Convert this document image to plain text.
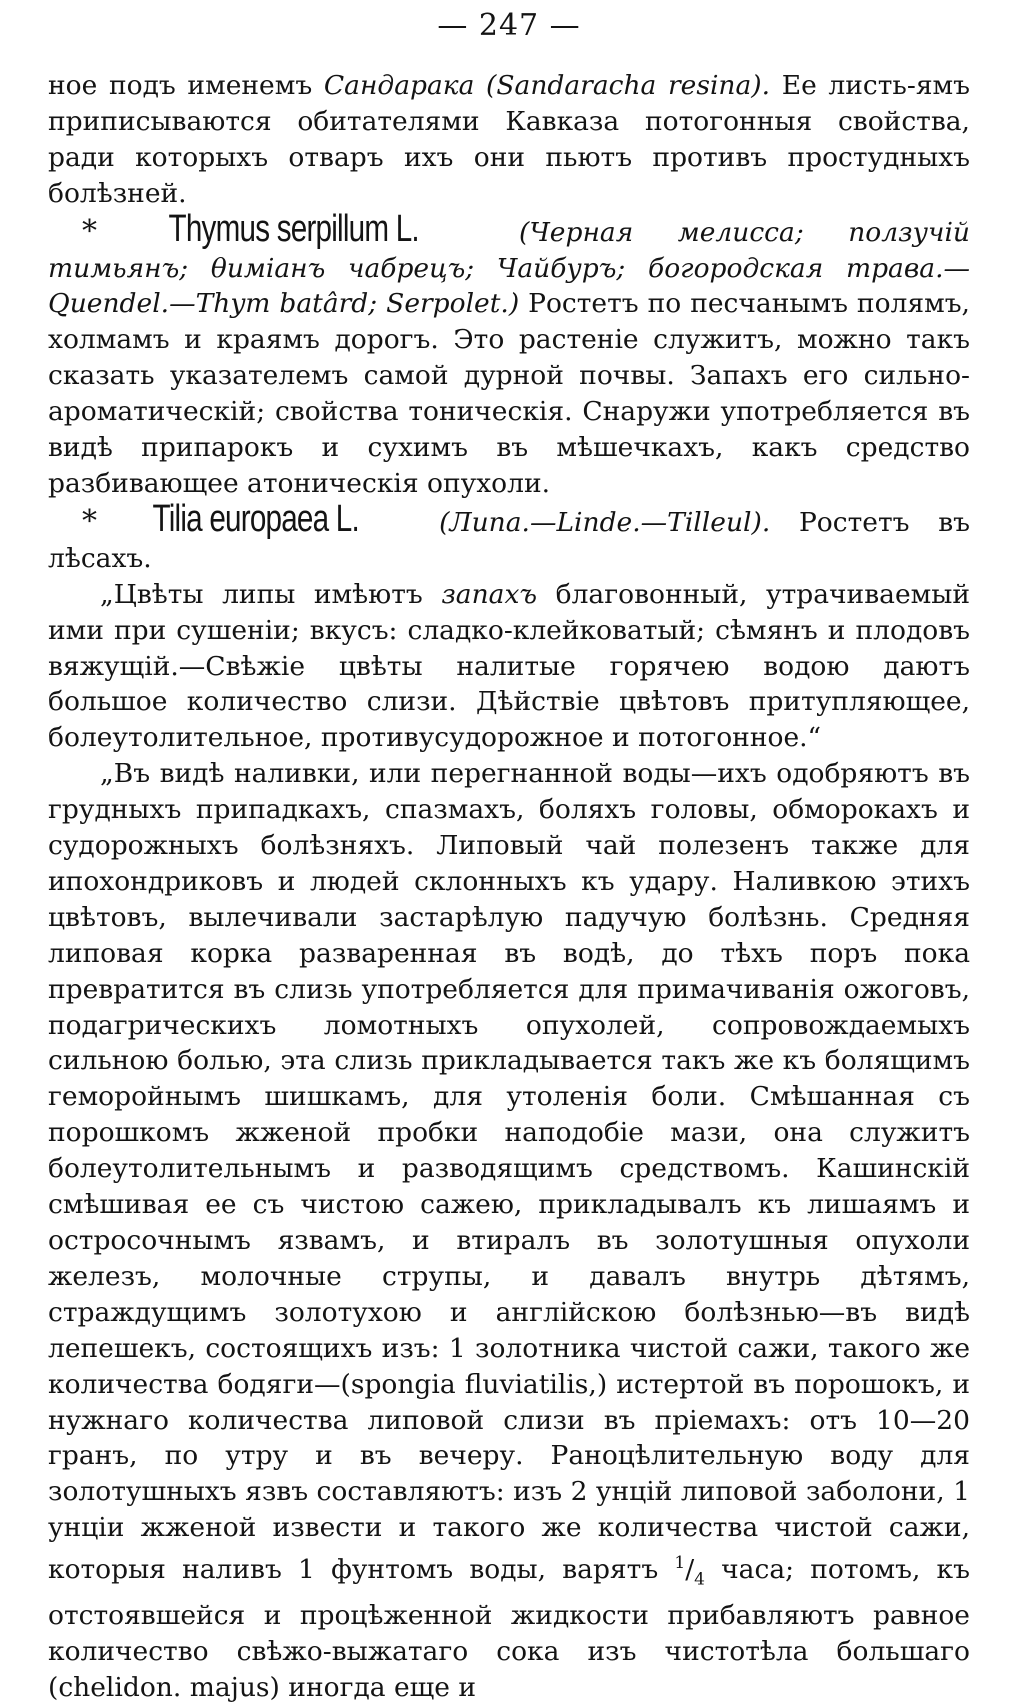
— 247 —

ное подъ именемъ Сандарака (Sandaracha resina). Ее листь-ямъ приписываются обитателями Кавказа потогонныя свойства, ради которыхъ отваръ ихъ они пьютъ противъ простудныхъ болѣзней.

* Thymus serpillum L.	(Черная мелисса; ползучiй тимьянъ; θимiанъ чабрецъ; Чайбуръ; богородская трава.—Quendel.—Thym batârd; Serpolet.) Ростетъ по песчанымъ полямъ, холмамъ и краямъ дорогъ. Это растенiе служитъ, можно такъ сказать указателемъ самой дурной почвы. Запахъ его сильно-ароматическiй; свойства тоническiя. Снаружи употребляется въ видѣ припарокъ и сухимъ въ мѣшечкахъ, какъ средство разбивающее атоническiя опухоли.

* Tilia europaea L.	(Липа.—Linde.—Tilleul). Ростетъ въ лѣсахъ.

„Цвѣты липы имѣютъ запахъ благовонный, утрачиваемый ими при сушенiи; вкусъ: сладко-клейковатый; сѣмянъ и плодовъ вяжущiй.—Свѣжiе цвѣты налитые горячею водою даютъ большое количество слизи. Дѣйствiе цвѣтовъ притупляющее, болеутолительное, противусудорожное и потогонное.“

„Въ видѣ наливки, или перегнанной воды—ихъ одобряютъ въ грудныхъ припадкахъ, спазмахъ, боляхъ головы, обморокахъ и судорожныхъ болѣзняхъ. Липовый чай полезенъ также для ипохондриковъ и людей склонныхъ къ удару. Наливкою этихъ цвѣтовъ, вылечивали застарѣлую падучую болѣзнь. Средняя липовая корка разваренная въ водѣ, до тѣхъ поръ пока превратится въ слизь употребляется для примачиванiя ожоговъ, подагрическихъ ломотныхъ опухолей, сопровождаемыхъ сильною болью, эта слизь прикладывается такъ же къ болящимъ геморойнымъ шишкамъ, для утоленiя боли. Смѣшанная съ порошкомъ жженой пробки наподобiе мази, она служитъ болеутолительнымъ и разводящимъ средствомъ. Кашинскiй смѣшивая ее съ чистою сажею, прикладывалъ къ лишаямъ и остросочнымъ язвамъ, и втиралъ въ золотушныя опухоли железъ, молочные струпы, и давалъ внутрь дѣтямъ, страждущимъ золотухою и англiйскою болѣзнью—въ видѣ лепешекъ, состоящихъ изъ: 1 золотника чистой сажи, такого же количества бодяги—(spongia fluviatilis,) истертой въ порошокъ, и нужнаго количества липовой слизи въ прiемахъ: отъ 10—20 гранъ, по утру и въ вечеру. Раноцѣлительную воду для золотушныхъ язвъ составляютъ: изъ 2 унцiй липовой заболони, 1 унцiи жженой извести и такого же количества чистой сажи, которыя наливъ 1 фунтомъ воды, варятъ $^1/_4$ часа; потомъ, къ отстоявшейся и процѣженной жидкости прибавляютъ равное количество свѣжо-выжатаго сока изъ чистотѣла большаго (chelidon. majus) иногда еще и
